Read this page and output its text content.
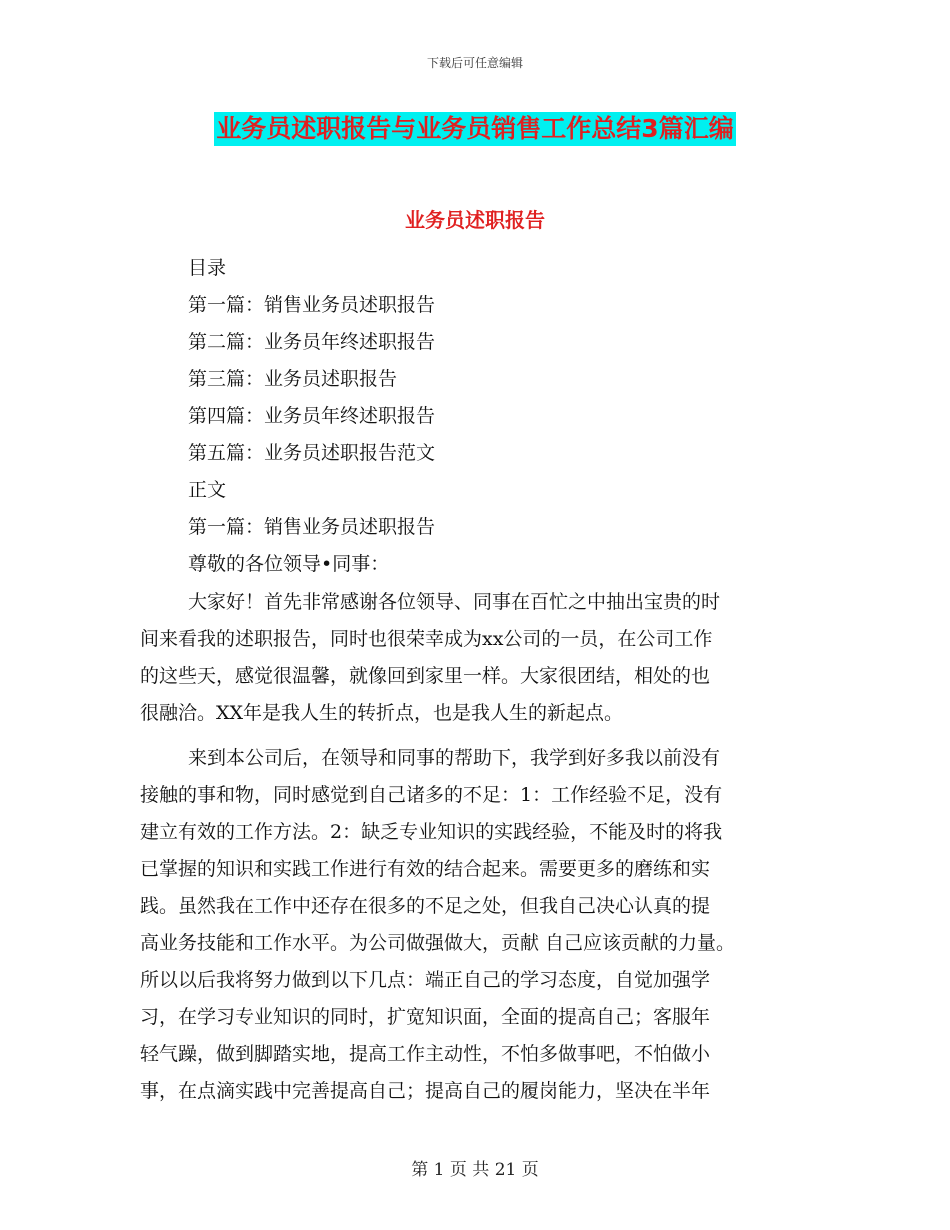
下载后可任意编辑
业务员述职报告与业务员销售工作总结3篇汇编
业务员述职报告
目录
第一篇：销售业务员述职报告
第二篇：业务员年终述职报告
第三篇：业务员述职报告
第四篇：业务员年终述职报告
第五篇：业务员述职报告范文
正文
第一篇：销售业务员述职报告
尊敬的各位领导•同事：
大家好！首先非常感谢各位领导、同事在百忙之中抽出宝贵的时
间来看我的述职报告，同时也很荣幸成为xx公司的一员，在公司工作
的这些天，感觉很温馨，就像回到家里一样。大家很团结，相处的也
很融洽。XX年是我人生的转折点，也是我人生的新起点。
来到本公司后，在领导和同事的帮助下，我学到好多我以前没有
接触的事和物，同时感觉到自己诸多的不足：1：工作经验不足，没有
建立有效的工作方法。2：缺乏专业知识的实践经验，不能及时的将我
已掌握的知识和实践工作进行有效的结合起来。需要更多的磨练和实
践。虽然我在工作中还存在很多的不足之处，但我自己决心认真的提
高业务技能和工作水平。为公司做强做大，贡献 自己应该贡献的力量。
所以以后我将努力做到以下几点：端正自己的学习态度，自觉加强学
习，在学习专业知识的同时，扩宽知识面，全面的提高自己；客服年
轻气躁，做到脚踏实地，提高工作主动性，不怕多做事吧，不怕做小
事，在点滴实践中完善提高自己；提高自己的履岗能力，坚决在半年
第 1 页 共 21 页
